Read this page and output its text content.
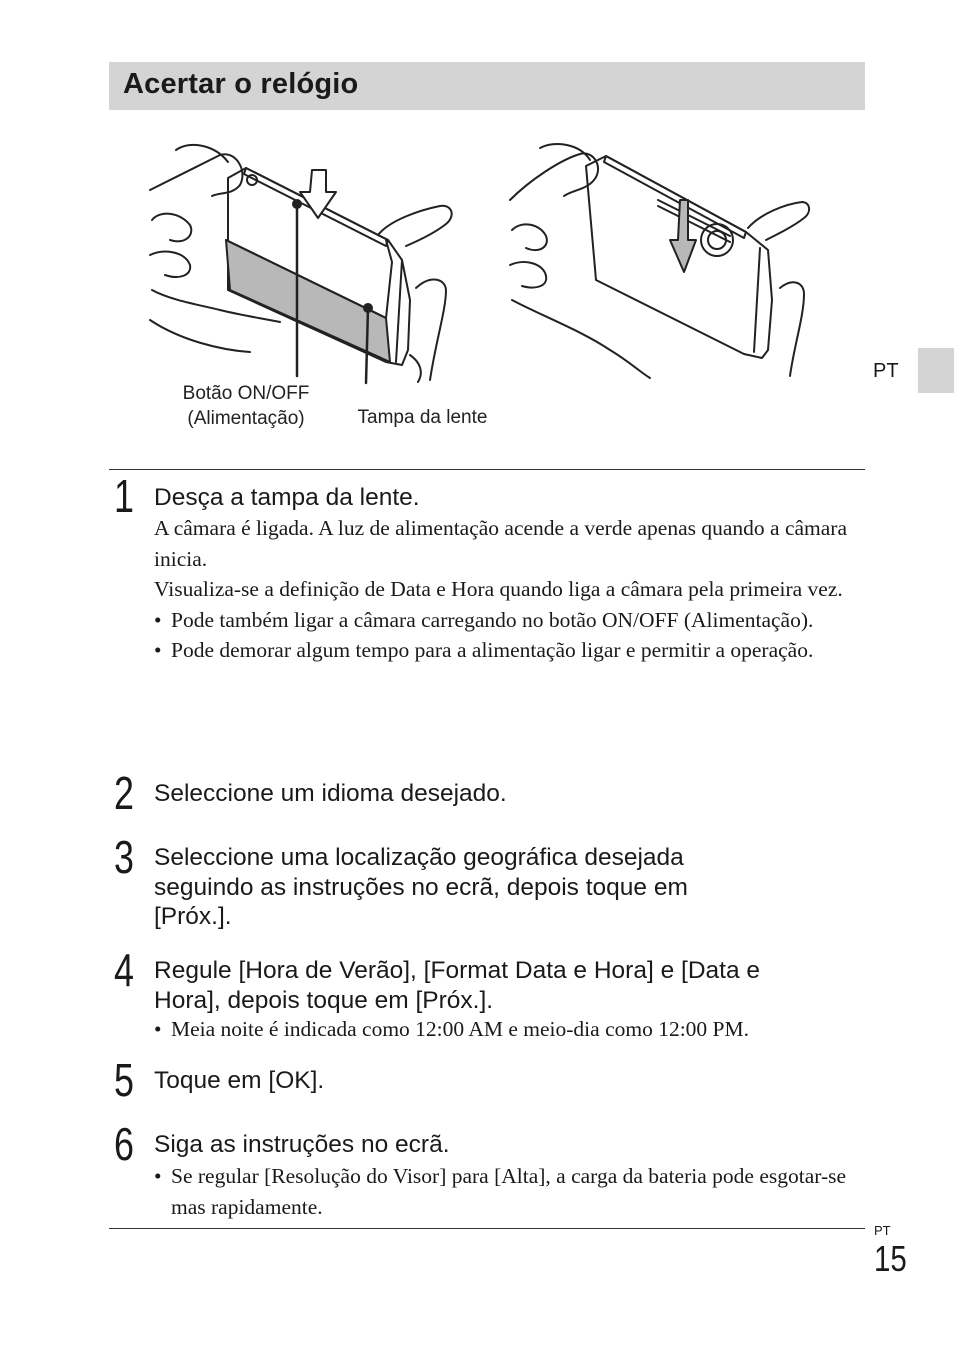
Acertar o relógio
Botão ON/OFF
(Alimentação)	Tampa da lente
PT
1 Desça a tampa da lente.

A câmara é ligada. A luz de alimentação acende a verde apenas quando a câmara inicia.

Visualiza-se a definição de Data e Hora quando liga a câmara pela primeira vez.

• Pode também ligar a câmara carregando no botão ON/OFF (Alimentação).

• Pode demorar algum tempo para a alimentação ligar e permitir a operação.

2 Seleccione um idioma desejado.
3 Seleccione uma localização geográfica desejada
seguindo as instruções no ecrã, depois toque em
[Próx.].
4 Regule [Hora de Verão], [Format Data e Hora] e [Data e
Hora], depois toque em [Próx.].

• Meia noite é indicada como 12:00 AM e meio-dia como 12:00 PM.

5 Toque em [OK].
6 Siga as instruções no ecrã.

• Se regular [Resolução do Visor] para [Alta], a carga da bateria pode esgotar-se mas rapidamente.

PT
15
